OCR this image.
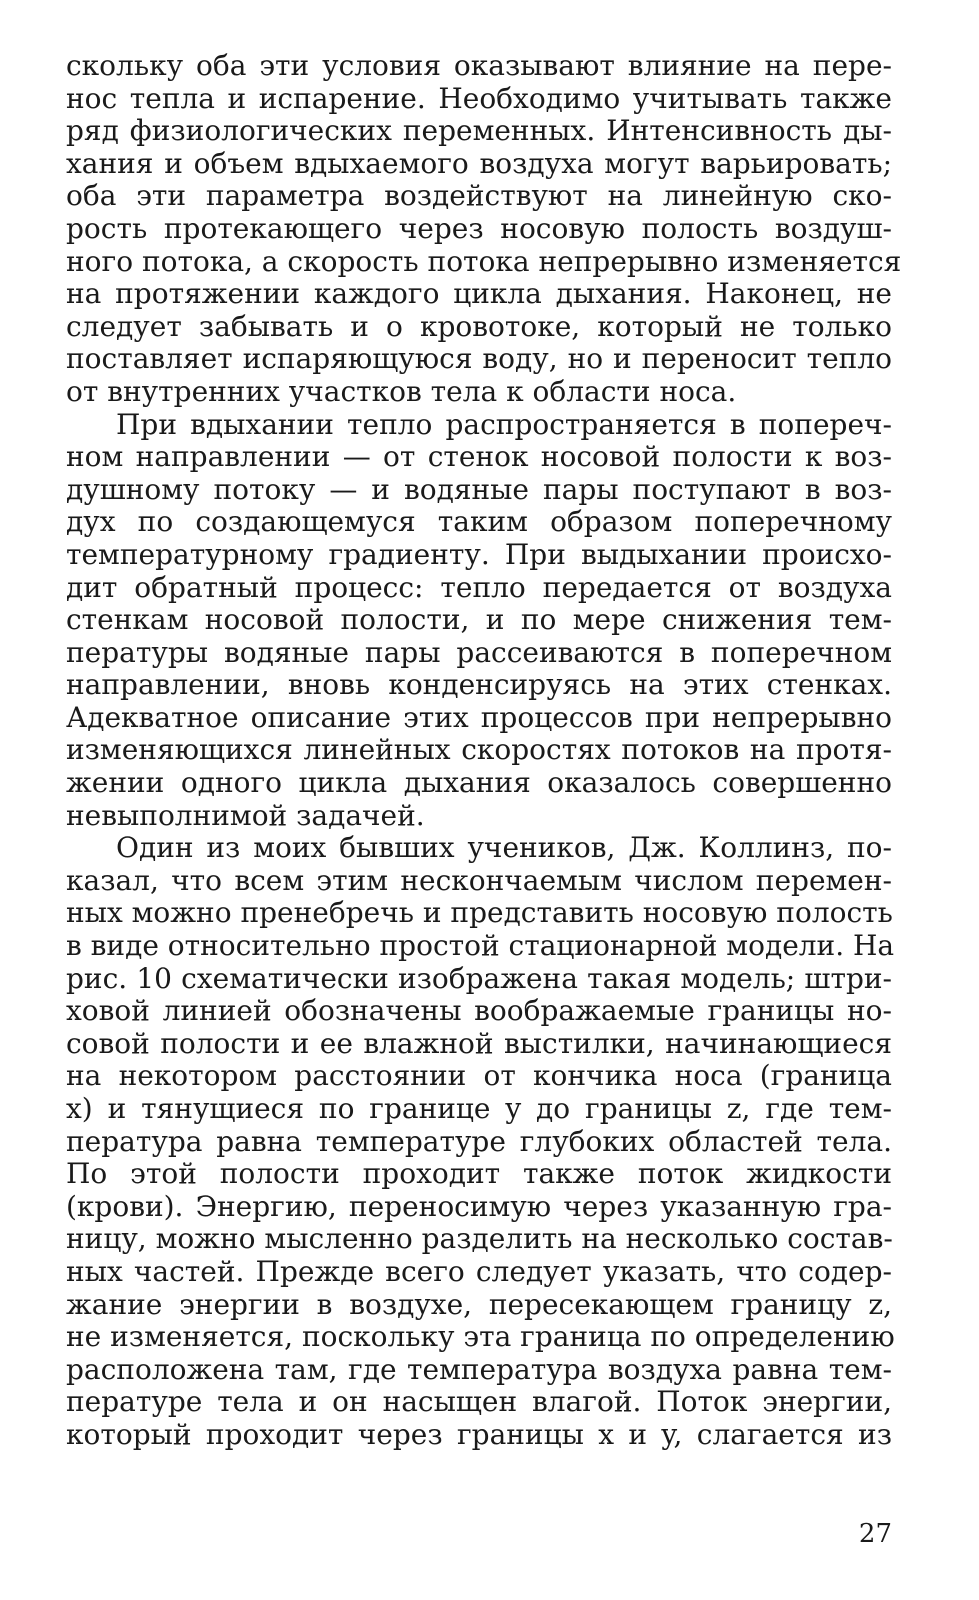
скольку оба эти условия оказывают влияние на пере-
нос тепла и испарение. Необходимо учитывать также
ряд физиологических переменных. Интенсивность ды-
хания и объем вдыхаемого воздуха могут варьировать;
оба эти параметра воздействуют на линейную ско-
рость протекающего через носовую полость воздуш-
ного потока, а скорость потока непрерывно изменяется
на протяжении каждого цикла дыхания. Наконец, не
следует забывать и о кровотоке, который не только
поставляет испаряющуюся воду, но и переносит тепло
от внутренних участков тела к области носа.
При вдыхании тепло распространяется в попереч-
ном направлении — от стенок носовой полости к воз-
душному потоку — и водяные пары поступают в воз-
дух по создающемуся таким образом поперечному
температурному градиенту. При выдыхании происхо-
дит обратный процесс: тепло передается от воздуха
стенкам носовой полости, и по мере снижения тем-
пературы водяные пары рассеиваются в поперечном
направлении, вновь конденсируясь на этих стенках.
Адекватное описание этих процессов при непрерывно
изменяющихся линейных скоростях потоков на протя-
жении одного цикла дыхания оказалось совершенно
невыполнимой задачей.
Один из моих бывших учеников, Дж. Коллинз, по-
казал, что всем этим нескончаемым числом перемен-
ных можно пренебречь и представить носовую полость
в виде относительно простой стационарной модели. На
рис. 10 схематически изображена такая модель; штри-
ховой линией обозначены воображаемые границы но-
совой полости и ее влажной выстилки, начинающиеся
на некотором расстоянии от кончика носа (граница
x) и тянущиеся по границе y до границы z, где тем-
пература равна температуре глубоких областей тела.
По этой полости проходит также поток жидкости
(крови). Энергию, переносимую через указанную гра-
ницу, можно мысленно разделить на несколько состав-
ных частей. Прежде всего следует указать, что содер-
жание энергии в воздухе, пересекающем границу z,
не изменяется, поскольку эта граница по определению
расположена там, где температура воздуха равна тем-
пературе тела и он насыщен влагой. Поток энергии,
который проходит через границы x и y, слагается из
27
